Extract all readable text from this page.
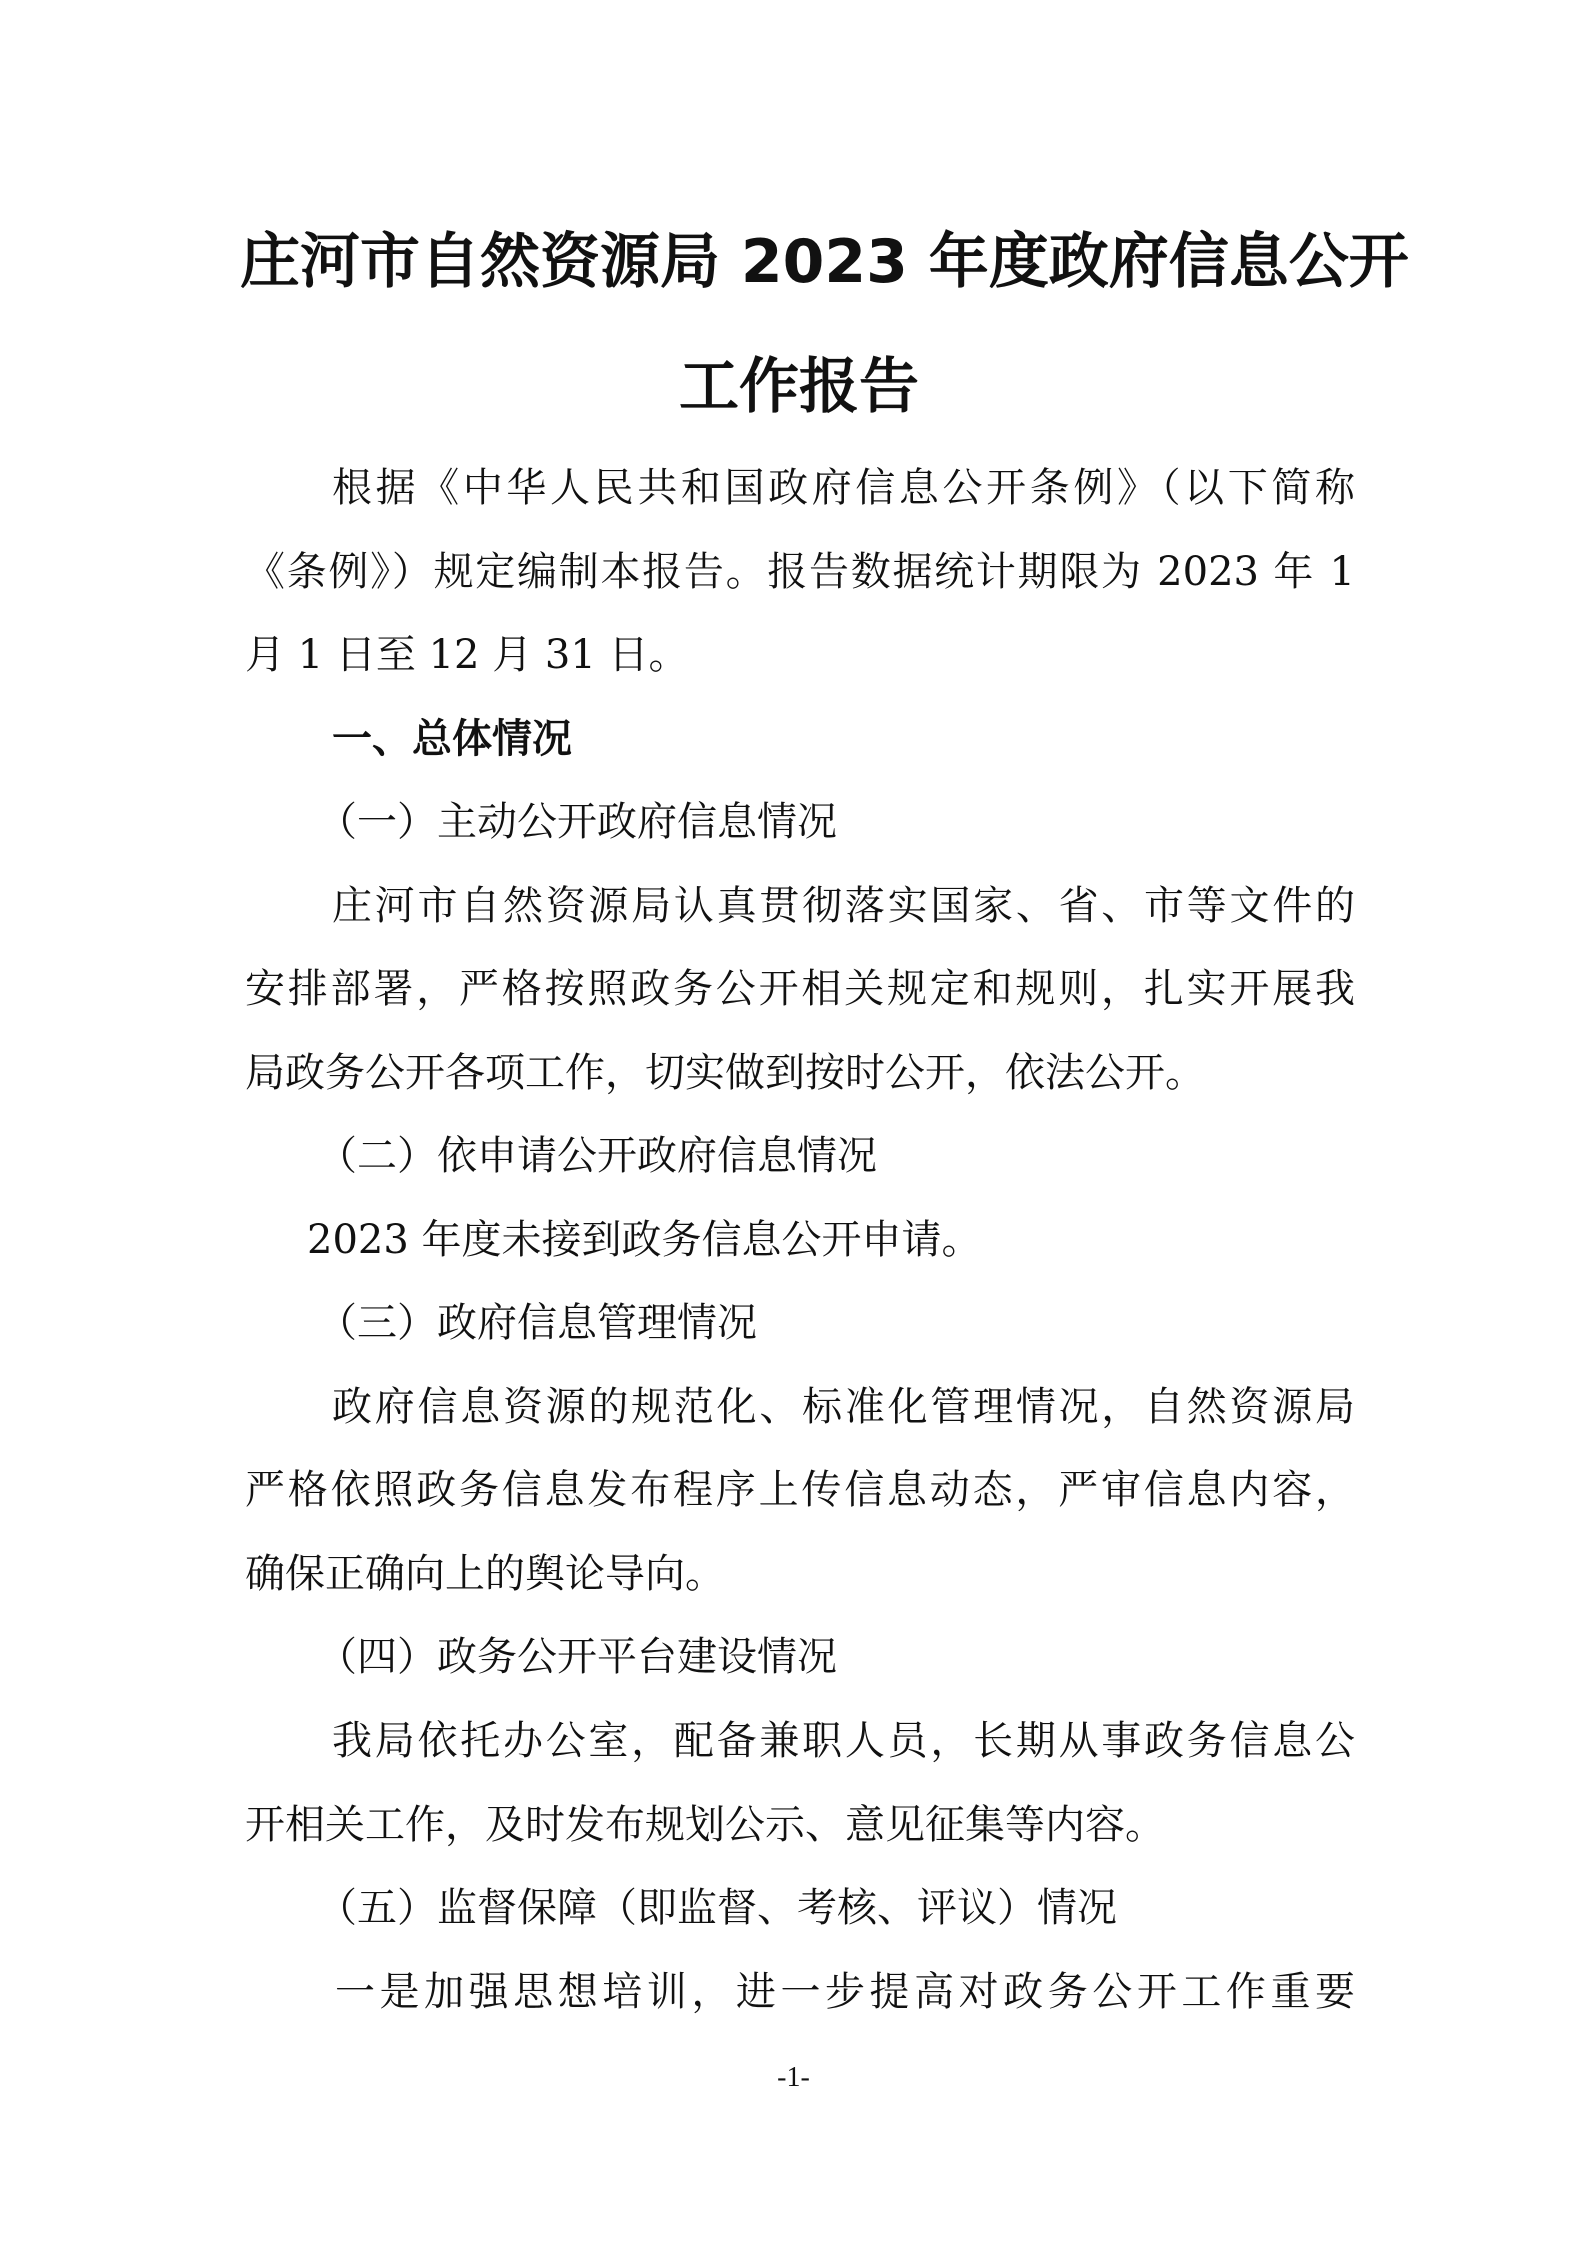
庄河市自然资源局 2023 年度政府信息公开
工作报告
根据《中华人民共和国政府信息公开条例》（以下简称
《条例》）规定编制本报告。报告数据统计期限为 2023 年 1
月 1 日至 12 月 31 日。
一、总体情况
（一）主动公开政府信息情况
庄河市自然资源局认真贯彻落实国家、省、市等文件的
安排部署，严格按照政务公开相关规定和规则，扎实开展我
局政务公开各项工作，切实做到按时公开，依法公开。
（二）依申请公开政府信息情况
2023 年度未接到政务信息公开申请。
（三）政府信息管理情况
政府信息资源的规范化、标准化管理情况，自然资源局
严格依照政务信息发布程序上传信息动态，严审信息内容，
确保正确向上的舆论导向。
（四）政务公开平台建设情况
我局依托办公室，配备兼职人员，长期从事政务信息公
开相关工作，及时发布规划公示、意见征集等内容。
（五）监督保障（即监督、考核、评议）情况
一是加强思想培训，进一步提高对政务公开工作重要
-1-
